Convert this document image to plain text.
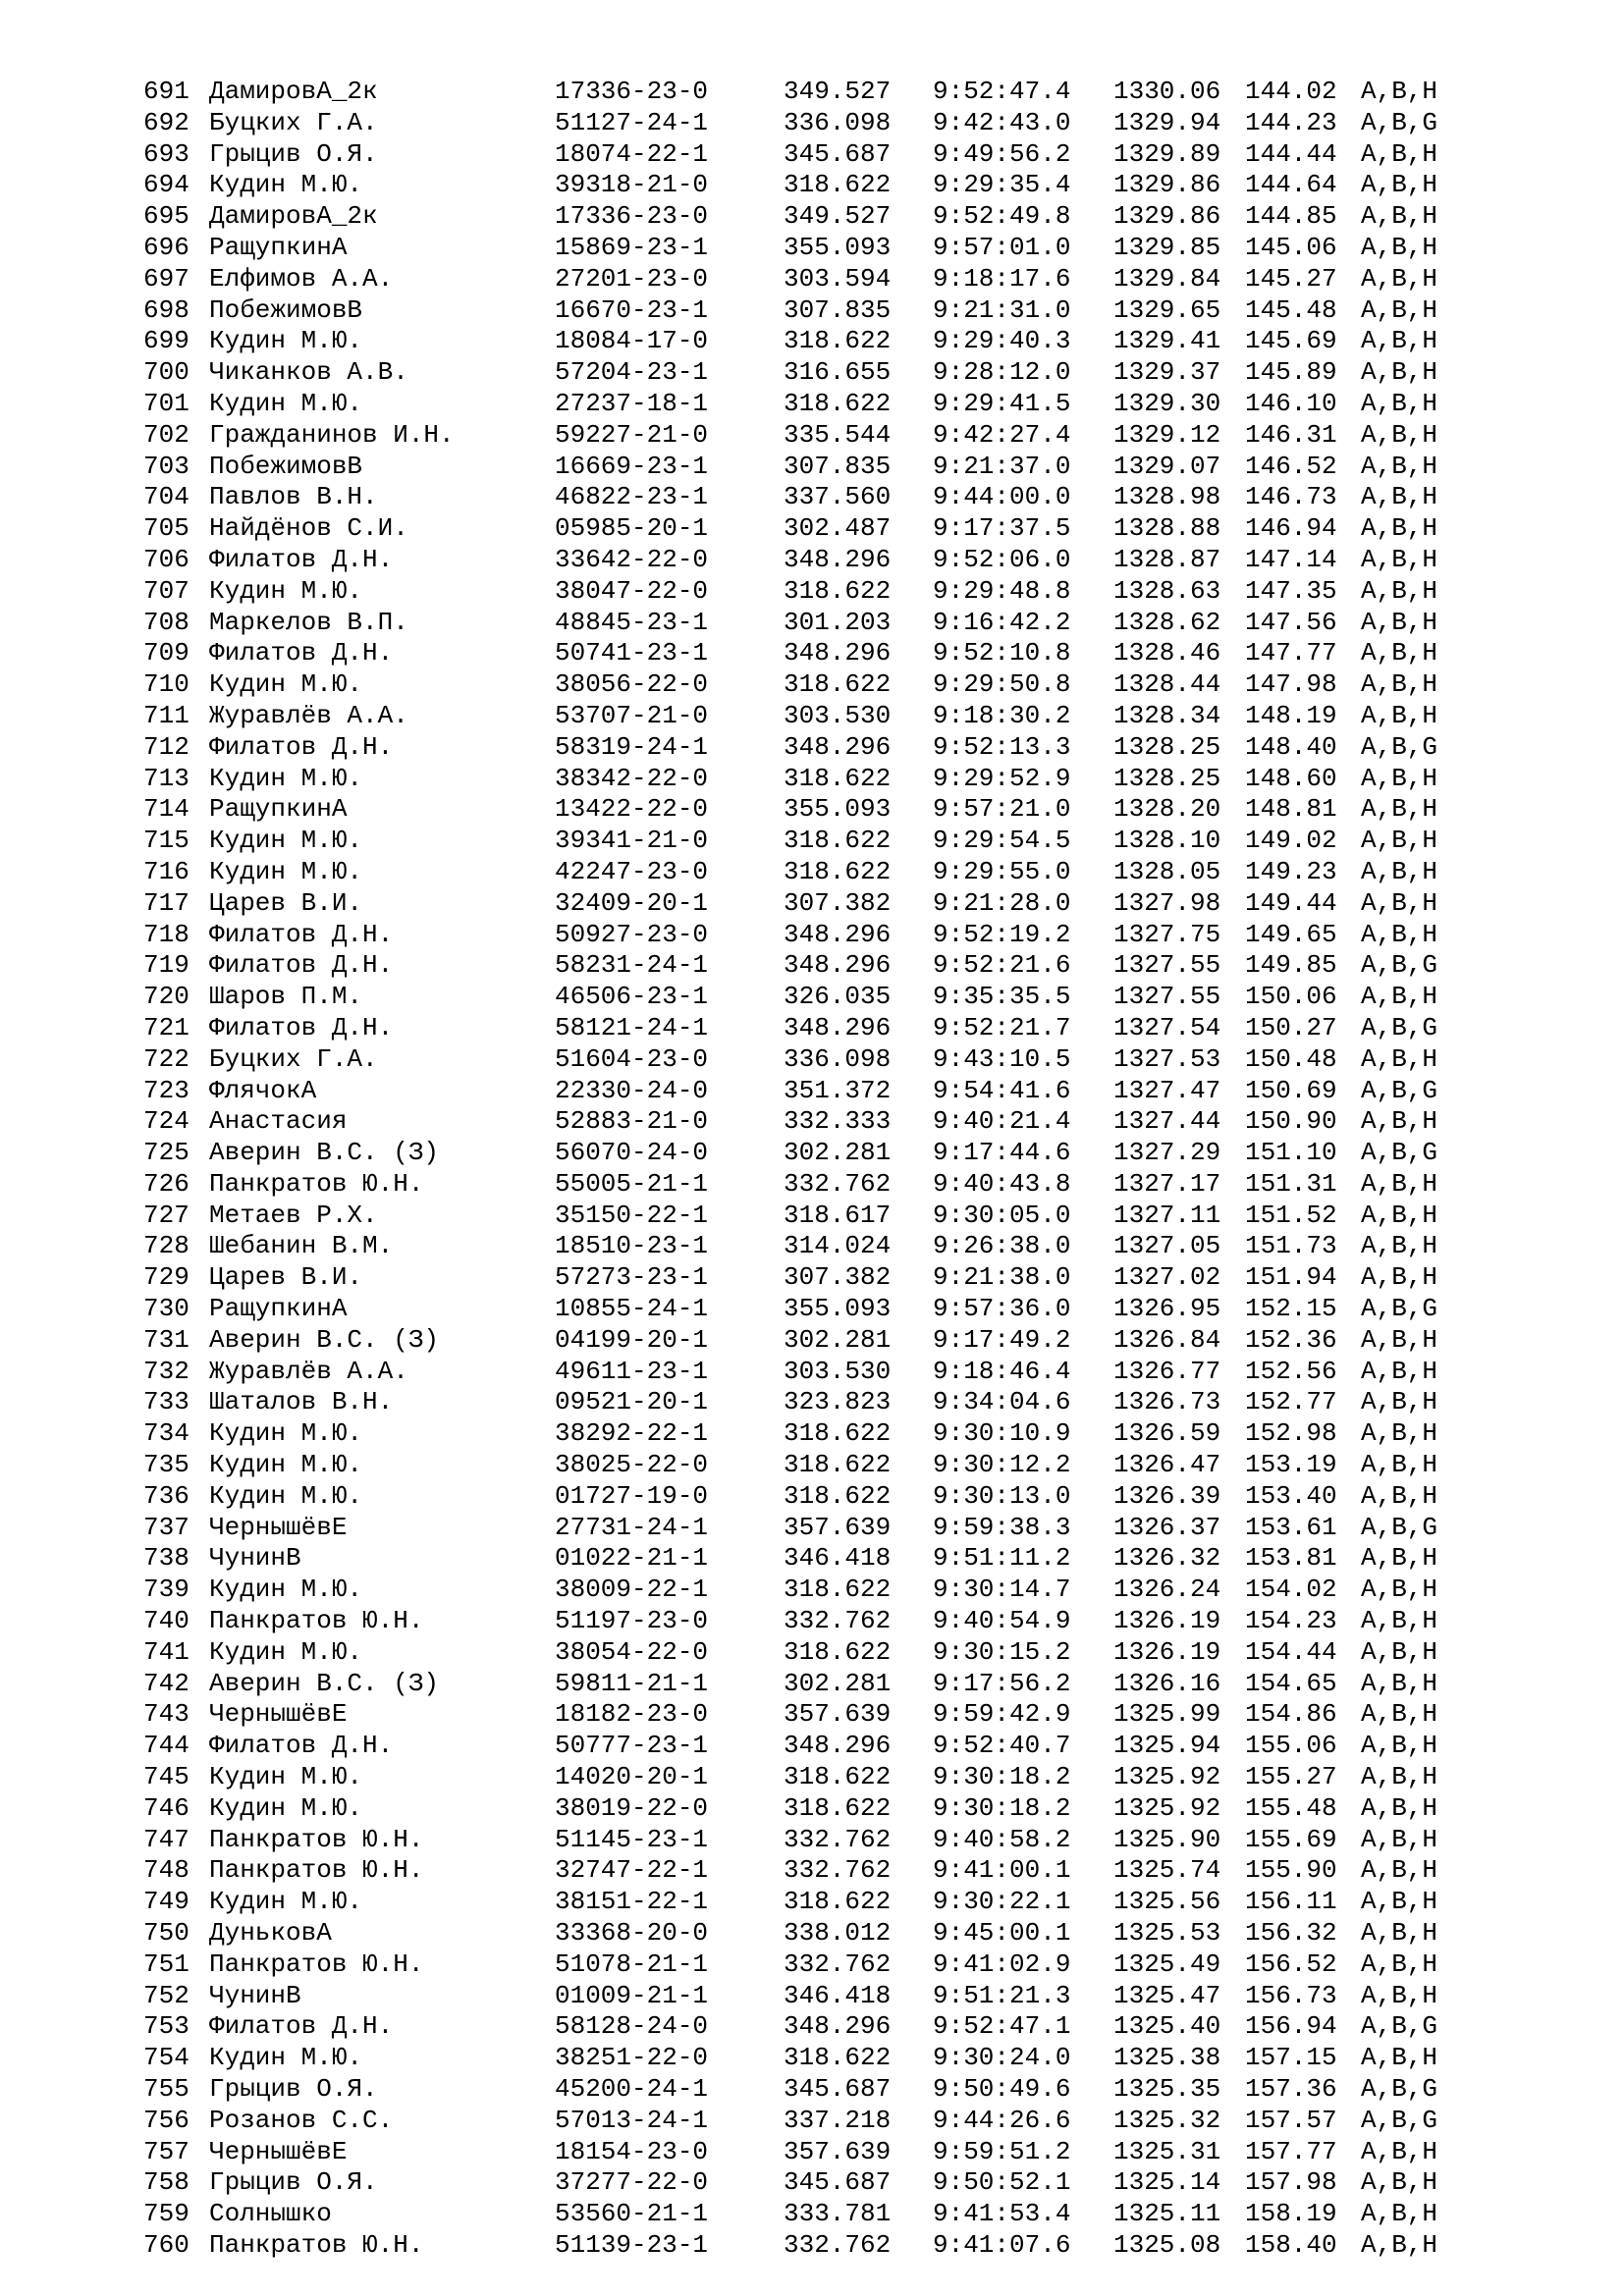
691 ДамировА_2к	17336-23-0	349.527 9:52:47.4 1330.06 144.02 A,B,H
692 Буцких Г.А.	51127-24-1	336.098 9:42:43.0 1329.94 144.23 A,B,G
693 Грыцив О.Я.	18074-22-1	345.687 9:49:56.2 1329.89 144.44 A,B,H
694 Кудин М.Ю.	39318-21-0	318.622 9:29:35.4 1329.86 144.64 A,B,H
695 ДамировА_2к	17336-23-0	349.527 9:52:49.8 1329.86 144.85 A,B,H
696 РащупкинА	15869-23-1	355.093 9:57:01.0 1329.85 145.06 A,B,H
697 Елфимов А.А.	27201-23-0	303.594 9:18:17.6 1329.84 145.27 A,B,H
698 ПобежимовВ	16670-23-1	307.835 9:21:31.0 1329.65 145.48 A,B,H
699 Кудин М.Ю.	18084-17-0	318.622 9:29:40.3 1329.41 145.69 A,B,H
700 Чиканков А.В.	57204-23-1	316.655 9:28:12.0 1329.37 145.89 A,B,H
701 Кудин М.Ю.	27237-18-1	318.622 9:29:41.5 1329.30 146.10 A,B,H
702 Гражданинов И.Н.	59227-21-0	335.544 9:42:27.4 1329.12 146.31 A,B,H
703 ПобежимовВ	16669-23-1	307.835 9:21:37.0 1329.07 146.52 A,B,H
704 Павлов В.Н.	46822-23-1	337.560 9:44:00.0 1328.98 146.73 A,B,H
705 Найдёнов С.И.	05985-20-1	302.487 9:17:37.5 1328.88 146.94 A,B,H
706 Филатов Д.Н.	33642-22-0	348.296 9:52:06.0 1328.87 147.14 A,B,H
707 Кудин М.Ю.	38047-22-0	318.622 9:29:48.8 1328.63 147.35 A,B,H
708 Маркелов В.П.	48845-23-1	301.203 9:16:42.2 1328.62 147.56 A,B,H
709 Филатов Д.Н.	50741-23-1	348.296 9:52:10.8 1328.46 147.77 A,B,H
710 Кудин М.Ю.	38056-22-0	318.622 9:29:50.8 1328.44 147.98 A,B,H
711 Журавлёв А.А.	53707-21-0	303.530 9:18:30.2 1328.34 148.19 A,B,H
712 Филатов Д.Н.	58319-24-1	348.296 9:52:13.3 1328.25 148.40 A,B,G
713 Кудин М.Ю.	38342-22-0	318.622 9:29:52.9 1328.25 148.60 A,B,H
714 РащупкинА	13422-22-0	355.093 9:57:21.0 1328.20 148.81 A,B,H
715 Кудин М.Ю.	39341-21-0	318.622 9:29:54.5 1328.10 149.02 A,B,H
716 Кудин М.Ю.	42247-23-0	318.622 9:29:55.0 1328.05 149.23 A,B,H
717 Царев В.И.	32409-20-1	307.382 9:21:28.0 1327.98 149.44 A,B,H
718 Филатов Д.Н.	50927-23-0	348.296 9:52:19.2 1327.75 149.65 A,B,H
719 Филатов Д.Н.	58231-24-1	348.296 9:52:21.6 1327.55 149.85 A,B,G
720 Шаров П.М.	46506-23-1	326.035 9:35:35.5 1327.55 150.06 A,B,H
721 Филатов Д.Н.	58121-24-1	348.296 9:52:21.7 1327.54 150.27 A,B,G
722 Буцких Г.А.	51604-23-0	336.098 9:43:10.5 1327.53 150.48 A,B,H
723 ФлячокА	22330-24-0	351.372 9:54:41.6 1327.47 150.69 A,B,G
724 Анастасия	52883-21-0	332.333 9:40:21.4 1327.44 150.90 A,B,H
725 Аверин В.С. (З)	56070-24-0	302.281 9:17:44.6 1327.29 151.10 A,B,G
726 Панкратов Ю.Н.	55005-21-1	332.762 9:40:43.8 1327.17 151.31 A,B,H
727 Метаев Р.Х.	35150-22-1	318.617 9:30:05.0 1327.11 151.52 A,B,H
728 Шебанин В.М.	18510-23-1	314.024 9:26:38.0 1327.05 151.73 A,B,H
729 Царев В.И.	57273-23-1	307.382 9:21:38.0 1327.02 151.94 A,B,H
730 РащупкинА	10855-24-1	355.093 9:57:36.0 1326.95 152.15 A,B,G
731 Аверин В.С. (З)	04199-20-1	302.281 9:17:49.2 1326.84 152.36 A,B,H
732 Журавлёв А.А.	49611-23-1	303.530 9:18:46.4 1326.77 152.56 A,B,H
733 Шаталов В.Н.	09521-20-1	323.823 9:34:04.6 1326.73 152.77 A,B,H
734 Кудин М.Ю.	38292-22-1	318.622 9:30:10.9 1326.59 152.98 A,B,H
735 Кудин М.Ю.	38025-22-0	318.622 9:30:12.2 1326.47 153.19 A,B,H
736 Кудин М.Ю.	01727-19-0	318.622 9:30:13.0 1326.39 153.40 A,B,H
737 ЧернышёвЕ	27731-24-1	357.639 9:59:38.3 1326.37 153.61 A,B,G
738 ЧунинВ	01022-21-1	346.418 9:51:11.2 1326.32 153.81 A,B,H
739 Кудин М.Ю.	38009-22-1	318.622 9:30:14.7 1326.24 154.02 A,B,H
740 Панкратов Ю.Н.	51197-23-0	332.762 9:40:54.9 1326.19 154.23 A,B,H
741 Кудин М.Ю.	38054-22-0	318.622 9:30:15.2 1326.19 154.44 A,B,H
742 Аверин В.С. (З)	59811-21-1	302.281 9:17:56.2 1326.16 154.65 A,B,H
743 ЧернышёвЕ	18182-23-0	357.639 9:59:42.9 1325.99 154.86 A,B,H
744 Филатов Д.Н.	50777-23-1	348.296 9:52:40.7 1325.94 155.06 A,B,H
745 Кудин М.Ю.	14020-20-1	318.622 9:30:18.2 1325.92 155.27 A,B,H
746 Кудин М.Ю.	38019-22-0	318.622 9:30:18.2 1325.92 155.48 A,B,H
747 Панкратов Ю.Н.	51145-23-1	332.762 9:40:58.2 1325.90 155.69 A,B,H
748 Панкратов Ю.Н.	32747-22-1	332.762 9:41:00.1 1325.74 155.90 A,B,H
749 Кудин М.Ю.	38151-22-1	318.622 9:30:22.1 1325.56 156.11 A,B,H
750 ДуньковА	33368-20-0	338.012 9:45:00.1 1325.53 156.32 A,B,H
751 Панкратов Ю.Н.	51078-21-1	332.762 9:41:02.9 1325.49 156.52 A,B,H
752 ЧунинВ	01009-21-1	346.418 9:51:21.3 1325.47 156.73 A,B,H
753 Филатов Д.Н.	58128-24-0	348.296 9:52:47.1 1325.40 156.94 A,B,G
754 Кудин М.Ю.	38251-22-0	318.622 9:30:24.0 1325.38 157.15 A,B,H
755 Грыцив О.Я.	45200-24-1	345.687 9:50:49.6 1325.35 157.36 A,B,G
756 Розанов С.С.	57013-24-1	337.218 9:44:26.6 1325.32 157.57 A,B,G
757 ЧернышёвЕ	18154-23-0	357.639 9:59:51.2 1325.31 157.77 A,B,H
758 Грыцив О.Я.	37277-22-0	345.687 9:50:52.1 1325.14 157.98 A,B,H
759 Солнышко	53560-21-1	333.781 9:41:53.4 1325.11 158.19 A,B,H
760 Панкратов Ю.Н.	51139-23-1	332.762 9:41:07.6 1325.08 158.40 A,B,H
